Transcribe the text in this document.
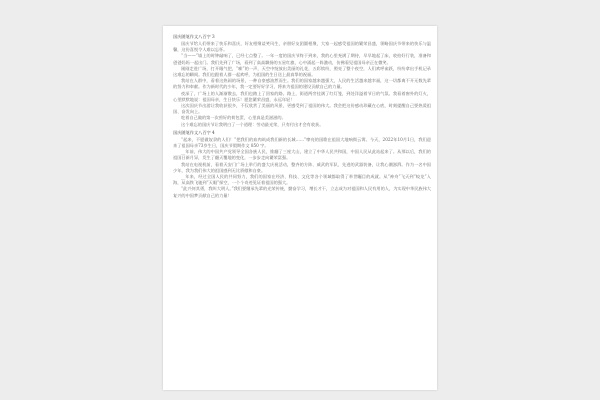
国庆随笔作文八百字 3

国庆节给人们带来了快乐和喜庆，好友相聚谈笑风生，亲朋好友团圆相聚，大家一起感受祖国的繁荣昌盛，领略国庆节带来的快乐与温馨，这份喜悦令人难以忘怀。

“当——”墙上的时钟敲响了，已经七点整了。一年一度的国庆节终于到来，我的心里充满了期待，早早地起了床，收拾好行装，准备和爸爸妈妈一起出门。我们先到了广场，看到了高高飘扬的五星红旗，心中涌起一阵激动，仿佛看见祖国母亲正在微笑。

刚刚走进广场，打开眼气把，“嘭”的一声，天空中绽放出美丽的礼花，五彩缤纷，照亮了整个夜空，人们欢呼雀跃，纷纷拿出手机记录这难忘的瞬间。我们也跟着人群一起欢呼，为祖国的生日送上最真挚的祝福。

我站在人群中，看着这热闹的场景，一种自豪感油然而生。我们的国家越来越强大，人民的生活越来越幸福，这一切都离不开无数先辈的努力和奉献。作为新时代的少年，我一定要好好学习，将来为祖国的建设贡献自己的力量。

夜深了，广场上的人渐渐散去，我们也踏上了回家的路。路上，街道两旁挂满了红灯笼，到处洋溢着节日的气氛。我看着窗外的灯火，心里默默地说：祖国母亲，生日快乐！愿您繁荣昌盛，永远年轻！

这次国庆节出游让我收获很多，不仅欣赏了美丽的风景，更感受到了祖国的伟大。我会把这份感动珍藏在心底，时刻提醒自己要热爱祖国、奋发向上。

吃着自己做的第一次煎好的荷包蛋，心里真是美滋滋的。

这个难忘的国庆节让我明白了一个道理：劳动最光荣，只有付出才会有收获。

国庆随笔作文八百字 4

“起来，不愿做奴隶的人们！”把我们的血肉筑成我们新的长城……”嘹亮的国歌在祖国大地响彻云霄。今天，2022年10月1日，我们迎来了祖国母亲73岁生日，国庆节假期作文 850 字。

__年前，伟大的中国共产党领导全国各族人民，推翻了三座大山，建立了中华人民共和国，中国人民从此站起来了。从那以后，我们的祖国日新月异，发生了翻天覆地的变化，一步步走向繁荣富强。

我站在电视机前，看着天安门广场上举行的盛大庆祝活动，整齐的方阵、威武的军队、先进的武器装备，让我心潮澎湃。作为一名中国少年，我为我们伟大的祖国感到无比骄傲和自豪。

__年来，经过全国人民的共同努力，我们的国家在经济、科技、文化等各个领域都取得了举世瞩目的成就。从“神舟”飞天到“蛟龙”入海，从高铁飞驰到“天眼”探空，一个个奇迹见证着祖国的强大。

“此兴何其勇，我叫大明人。”我们要继承先辈的光荣传统，勤奋学习，增长才干，立志成为对祖国和人民有用的人，为实现中华民族伟大复兴的中国梦贡献自己的力量！
